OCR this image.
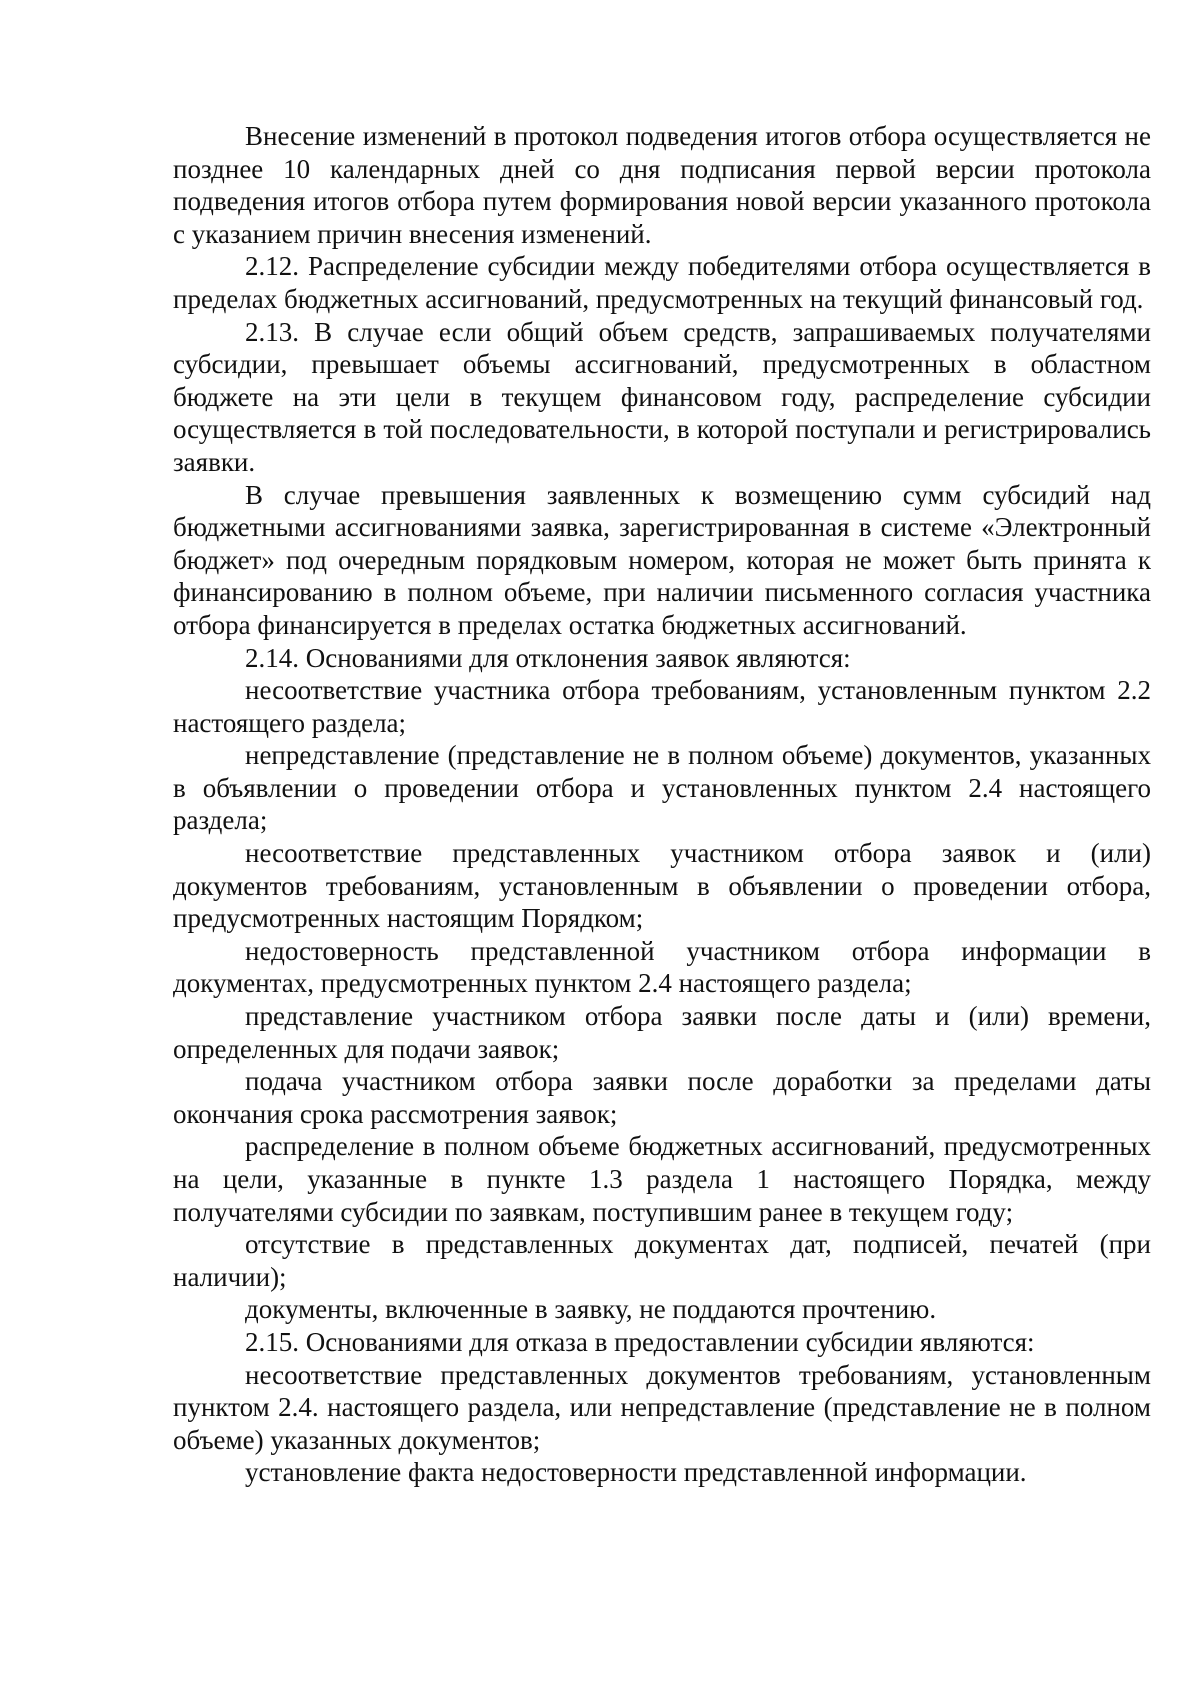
Внесение изменений в протокол подведения итогов отбора осуществляется не позднее 10 календарных дней со дня подписания первой версии протокола подведения итогов отбора путем формирования новой версии указанного протокола с указанием причин внесения изменений.

2.12. Распределение субсидии между победителями отбора осуществляется в пределах бюджетных ассигнований, предусмотренных на текущий финансовый год.

2.13. В случае если общий объем средств, запрашиваемых получателями субсидии, превышает объемы ассигнований, предусмотренных в областном бюджете на эти цели в текущем финансовом году, распределение субсидии осуществляется в той последовательности, в которой поступали и регистрировались заявки.

В случае превышения заявленных к возмещению сумм субсидий над бюджетными ассигнованиями заявка, зарегистрированная в системе «Электронный бюджет» под очередным порядковым номером, которая не может быть принята к финансированию в полном объеме, при наличии письменного согласия участника отбора финансируется в пределах остатка бюджетных ассигнований.

2.14. Основаниями для отклонения заявок являются:

несоответствие участника отбора требованиям, установленным пунктом 2.2 настоящего раздела;

непредставление (представление не в полном объеме) документов, указанных в объявлении о проведении отбора и установленных пунктом 2.4 настоящего раздела;

несоответствие представленных участником отбора заявок и (или) документов требованиям, установленным в объявлении о проведении отбора, предусмотренных настоящим Порядком;

недостоверность представленной участником отбора информации в документах, предусмотренных пунктом 2.4 настоящего раздела;

представление участником отбора заявки после даты и (или) времени, определенных для подачи заявок;

подача участником отбора заявки после доработки за пределами даты окончания срока рассмотрения заявок;

распределение в полном объеме бюджетных ассигнований, предусмотренных на цели, указанные в пункте 1.3 раздела 1 настоящего Порядка, между получателями субсидии по заявкам, поступившим ранее в текущем году;

отсутствие в представленных документах дат, подписей, печатей (при наличии);

документы, включенные в заявку, не поддаются прочтению.

2.15. Основаниями для отказа в предоставлении субсидии являются:

несоответствие представленных документов требованиям, установленным пунктом 2.4. настоящего раздела, или непредставление (представление не в полном объеме) указанных документов;

установление факта недостоверности представленной информации.
